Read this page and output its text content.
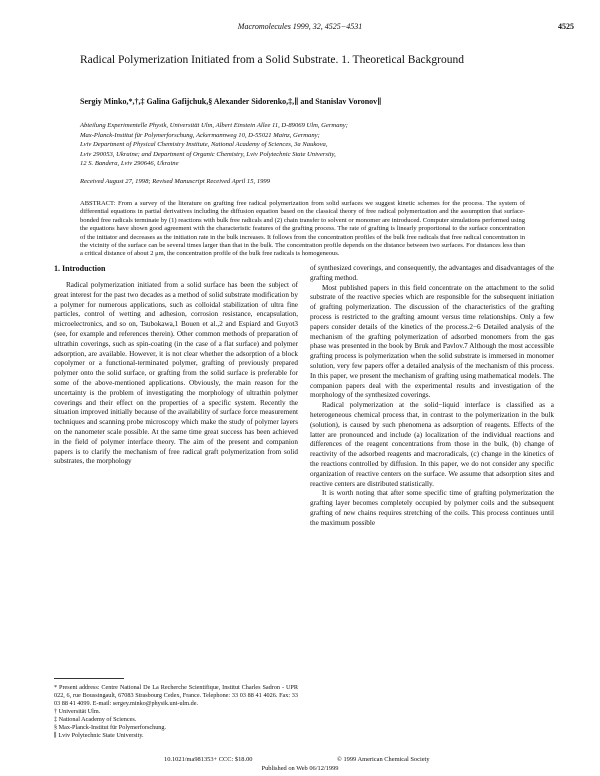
Macromolecules 1999, 32, 4525−4531	4525
Radical Polymerization Initiated from a Solid Substrate. 1. Theoretical Background
Sergiy Minko,*,†,‡ Galina Gafijchuk,§ Alexander Sidorenko,‡,∥ and Stanislav Voronov∥
Abteilung Experimentelle Physik, Universität Ulm, Albert Einstein Allee 11, D-89069 Ulm, Germany;
Max-Planck-Institut für Polymerforschung, Ackermannweg 10, D-55021 Mainz, Germany;
Lviv Department of Physical Chemistry Institute, National Academy of Sciences, 3a Naukova,
Lviv 290053, Ukraine; and Department of Organic Chemistry, Lviv Polytechnic State University,
12 S. Bandera, Lviv 290646, Ukraine
Received August 27, 1998; Revised Manuscript Received April 15, 1999
ABSTRACT: From a survey of the literature on grafting free radical polymerization from solid surfaces we suggest kinetic schemes for the process. The system of differential equations in partial derivatives including the diffusion equation based on the classical theory of free radical polymerization and the assumption that surface-bonded free radicals terminate by (1) reactions with bulk free radicals and (2) chain transfer to solvent or monomer are introduced. Computer simulations performed using the equations have shown good agreement with the characteristic features of the grafting process. The rate of grafting is linearly proportional to the surface concentration of the initiator and decreases as the initiation rate in the bulk increases. It follows from the concentration profiles of the bulk free radicals that free radical concentration in the vicinity of the surface can be several times larger than that in the bulk. The concentration profile depends on the distance between two surfaces. For distances less than a critical distance of about 2 μm, the concentration profile of the bulk free radicals is homogeneous.
1. Introduction

Radical polymerization initiated from a solid surface has been the subject of great interest for the past two decades as a method of solid substrate modification by a polymer for numerous applications, such as colloidal stabilization of ultra fine particles, control of wetting and adhesion, corrosion resistance, encapsulation, microelectronics, and so on, Tsubokawa,1 Bouen et al.,2 and Espiard and Guyot3 (see, for example and references therein). Other common methods of preparation of ultrathin coverings, such as spin-coating (in the case of a flat surface) and polymer adsorption, are available. However, it is not clear whether the adsorption of a block copolymer or a functional-terminated polymer, grafting of previously prepared polymer onto the solid surface, or grafting from the solid surface is preferable for some of the above-mentioned applications. Obviously, the main reason for the uncertainty is the problem of investigating the morphology of ultrathin polymer coverings and their effect on the properties of a specific system. Recently the situation improved initially because of the availability of surface force measurement techniques and scanning probe microscopy which make the study of polymer layers on the nanometer scale possible. At the same time great success has been achieved in the field of polymer interface theory. The aim of the present and companion papers is to clarify the mechanism of free radical graft polymerization from solid substrates, the morphology

of synthesized coverings, and consequently, the advantages and disadvantages of the grafting method.

Most published papers in this field concentrate on the attachment to the solid substrate of the reactive species which are responsible for the subsequent initiation of grafting polymerization. The discussion of the characteristics of the grafting process is restricted to the grafting amount versus time relationships. Only a few papers consider details of the kinetics of the process.2−6 Detailed analysis of the mechanism of the grafting polymerization of adsorbed monomers from the gas phase was presented in the book by Bruk and Pavlov.7 Although the most accessible grafting process is polymerization when the solid substrate is immersed in monomer solution, very few papers offer a detailed analysis of the mechanism of this process. In this paper, we present the mechanism of grafting using mathematical models. The companion papers deal with the experimental results and investigation of the morphology of the synthesized coverings.

Radical polymerization at the solid−liquid interface is classified as a heterogeneous chemical process that, in contrast to the polymerization in the bulk (solution), is caused by such phenomena as adsorption of reagents. Effects of the latter are pronounced and include (a) localization of the individual reactions and differences of the reagent concentrations from those in the bulk, (b) change of reactivity of the adsorbed reagents and macroradicals, (c) change in the kinetics of the reactions controlled by diffusion. In this paper, we do not consider any specific organization of reactive centers on the surface. We assume that adsorption sites and reactive centers are distributed statistically.

It is worth noting that after some specific time of grafting polymerization the grafting layer becomes completely occupied by polymer coils and the subsequent grafting of new chains requires stretching of the coils. This process continues until the maximum possible

* Present address: Centre National De La Recherche Scientifique, Institut Charles Sadron - UPR 022, 6, rue Boussingault, 67083 Strasbourg Cedex, France. Telephone: 33 03 88 41 4026. Fax: 33 03 88 41 4099. E-mail: sergey.minko@physik.uni-ulm.de.
† Universität Ulm.
‡ National Academy of Sciences.
§ Max-Planck-Institut für Polymerforschung.
∥ Lviv Polytechnic State University.
10.1021/ma981353+ CCC: $18.00	© 1999 American Chemical Society
Published on Web 06/12/1999
